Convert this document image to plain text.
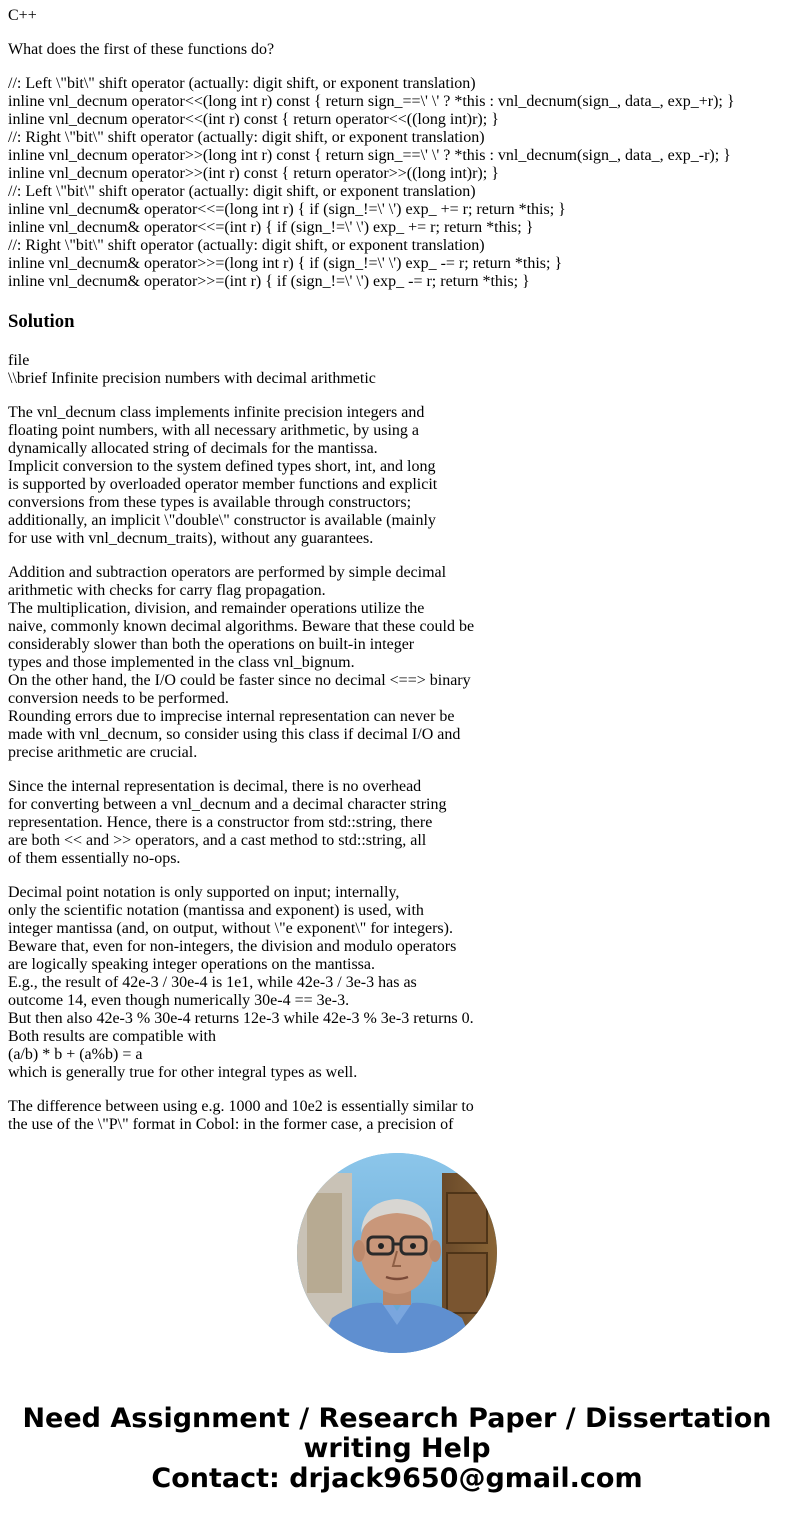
C++
What does the first of these functions do?
//: Left \"bit\" shift operator (actually: digit shift, or exponent translation)
inline vnl_decnum operator<<(long int r) const { return sign_==\' \' ? *this : vnl_decnum(sign_, data_, exp_+r); }
inline vnl_decnum operator<<(int r) const { return operator<<((long int)r); }
//: Right \"bit\" shift operator (actually: digit shift, or exponent translation)
inline vnl_decnum operator>>(long int r) const { return sign_==\' \' ? *this : vnl_decnum(sign_, data_, exp_-r); }
inline vnl_decnum operator>>(int r) const { return operator>>((long int)r); }
//: Left \"bit\" shift operator (actually: digit shift, or exponent translation)
inline vnl_decnum& operator<<=(long int r) { if (sign_!=\' \') exp_ += r; return *this; }
inline vnl_decnum& operator<<=(int r) { if (sign_!=\' \') exp_ += r; return *this; }
//: Right \"bit\" shift operator (actually: digit shift, or exponent translation)
inline vnl_decnum& operator>>=(long int r) { if (sign_!=\' \') exp_ -= r; return *this; }
inline vnl_decnum& operator>>=(int r) { if (sign_!=\' \') exp_ -= r; return *this; }
Solution
file
\\brief Infinite precision numbers with decimal arithmetic
The vnl_decnum class implements infinite precision integers and
floating point numbers, with all necessary arithmetic, by using a
dynamically allocated string of decimals for the mantissa.
Implicit conversion to the system defined types short, int, and long
is supported by overloaded operator member functions and explicit
conversions from these types is available through constructors;
additionally, an implicit \"double\" constructor is available (mainly
for use with vnl_decnum_traits), without any guarantees.
Addition and subtraction operators are performed by simple decimal
arithmetic with checks for carry flag propagation.
The multiplication, division, and remainder operations utilize the
naive, commonly known decimal algorithms. Beware that these could be
considerably slower than both the operations on built-in integer
types and those implemented in the class vnl_bignum.
On the other hand, the I/O could be faster since no decimal <==> binary
conversion needs to be performed.
Rounding errors due to imprecise internal representation can never be
made with vnl_decnum, so consider using this class if decimal I/O and
precise arithmetic are crucial.
Since the internal representation is decimal, there is no overhead
for converting between a vnl_decnum and a decimal character string
representation. Hence, there is a constructor from std::string, there
are both << and >> operators, and a cast method to std::string, all
of them essentially no-ops.
Decimal point notation is only supported on input; internally,
only the scientific notation (mantissa and exponent) is used, with
integer mantissa (and, on output, without \"e exponent\" for integers).
Beware that, even for non-integers, the division and modulo operators
are logically speaking integer operations on the mantissa.
E.g., the result of 42e-3 / 30e-4 is 1e1, while 42e-3 / 3e-3 has as
outcome 14, even though numerically 30e-4 == 3e-3.
But then also 42e-3 % 30e-4 returns 12e-3 while 42e-3 % 3e-3 returns 0.
Both results are compatible with
(a/b) * b + (a%b) = a
which is generally true for other integral types as well.
The difference between using e.g. 1000 and 10e2 is essentially similar to
the use of the \"P\" format in Cobol: in the former case, a precision of
Need Assignment / Research Paper / Dissertation
writing Help
Contact: drjack9650@gmail.com
